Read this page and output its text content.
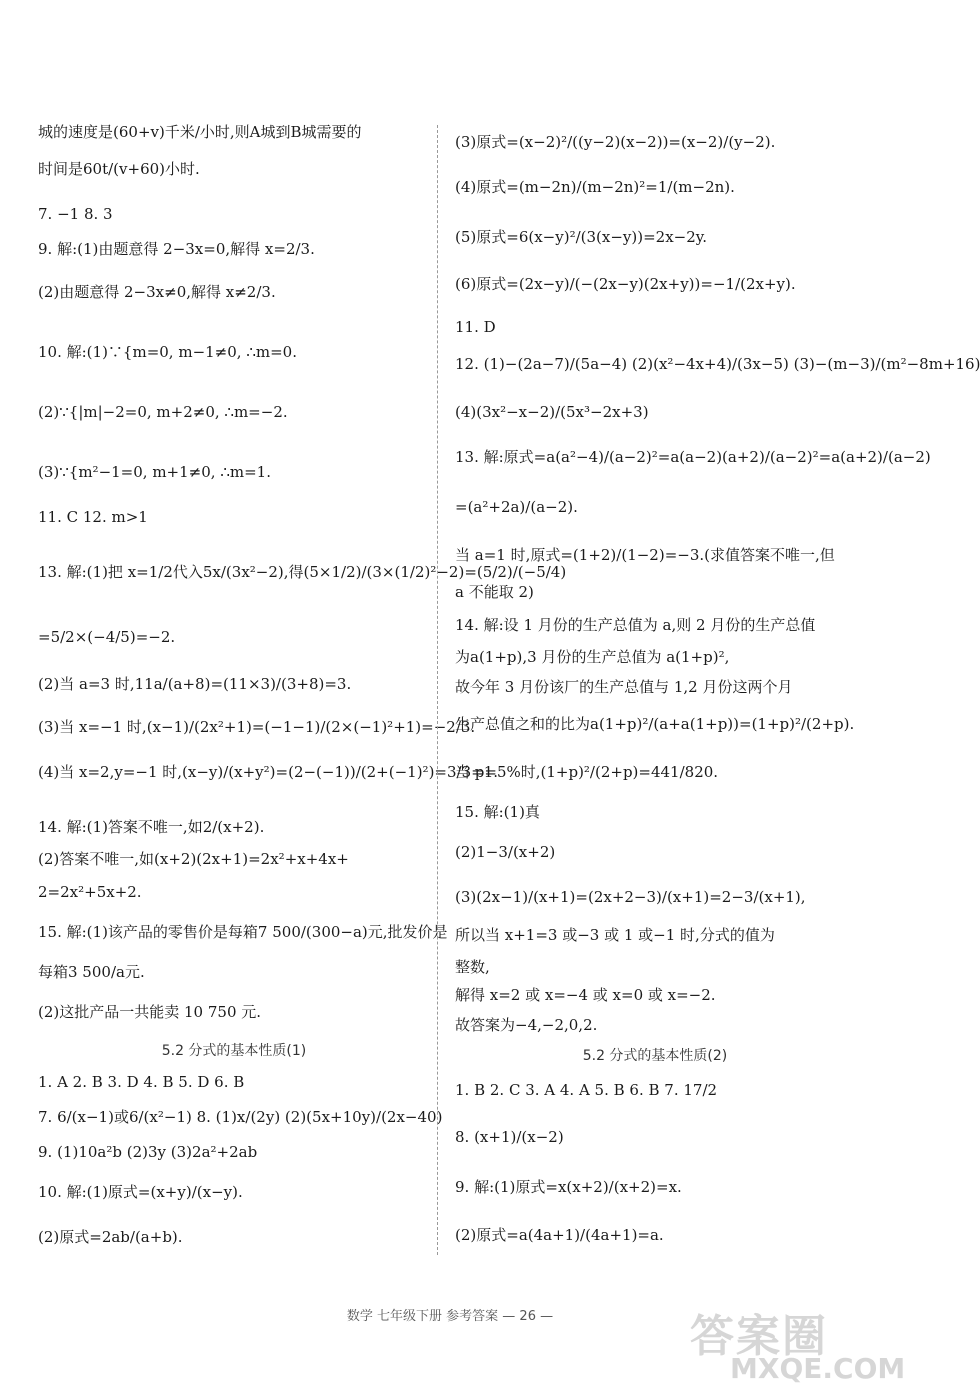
城的速度是(60+v)千米/小时,则A城到B城需要的
时间是60t/(v+60)小时.
7. −1 8. 3
9. 解:(1)由题意得 2−3x=0,解得 x=2/3.
(2)由题意得 2−3x≠0,解得 x≠2/3.
10. 解:(1)∵{m=0, m−1≠0, ∴m=0.
(2)∵{|m|−2=0, m+2≠0, ∴m=−2.
(3)∵{m²−1=0, m+1≠0, ∴m=1.
11. C 12. m>1
13. 解:(1)把 x=1/2代入5x/(3x²−2),得(5×1/2)/(3×(1/2)²−2)=(5/2)/(−5/4)
=5/2×(−4/5)=−2.
(2)当 a=3 时,11a/(a+8)=(11×3)/(3+8)=3.
(3)当 x=−1 时,(x−1)/(2x²+1)=(−1−1)/(2×(−1)²+1)=−2/3.
(4)当 x=2,y=−1 时,(x−y)/(x+y²)=(2−(−1))/(2+(−1)²)=3/3=1.
14. 解:(1)答案不唯一,如2/(x+2).
(2)答案不唯一,如(x+2)(2x+1)=2x²+x+4x+
2=2x²+5x+2.
15. 解:(1)该产品的零售价是每箱7 500/(300−a)元,批发价是
每箱3 500/a元.
(2)这批产品一共能卖 10 750 元.
1. A 2. B 3. D 4. B 5. D 6. B
7. 6/(x−1)或6/(x²−1) 8. (1)x/(2y) (2)(5x+10y)/(2x−40)
9. (1)10a²b (2)3y (3)2a²+2ab
10. 解:(1)原式=(x+y)/(x−y).
(2)原式=2ab/(a+b).
5.2 分式的基本性质(1)
(3)原式=(x−2)²/((y−2)(x−2))=(x−2)/(y−2).
(4)原式=(m−2n)/(m−2n)²=1/(m−2n).
(5)原式=6(x−y)²/(3(x−y))=2x−2y.
(6)原式=(2x−y)/(−(2x−y)(2x+y))=−1/(2x+y).
11. D
12. (1)−(2a−7)/(5a−4) (2)(x²−4x+4)/(3x−5) (3)−(m−3)/(m²−8m+16)
(4)(3x²−x−2)/(5x³−2x+3)
13. 解:原式=a(a²−4)/(a−2)²=a(a−2)(a+2)/(a−2)²=a(a+2)/(a−2)
=(a²+2a)/(a−2).
当 a=1 时,原式=(1+2)/(1−2)=−3.(求值答案不唯一,但
a 不能取 2)
14. 解:设 1 月份的生产总值为 a,则 2 月份的生产总值
为a(1+p),3 月份的生产总值为 a(1+p)²,
故今年 3 月份该厂的生产总值与 1,2 月份这两个月
生产总值之和的比为a(1+p)²/(a+a(1+p))=(1+p)²/(2+p).
当 p=5%时,(1+p)²/(2+p)=441/820.
15. 解:(1)真
(2)1−3/(x+2)
(3)(2x−1)/(x+1)=(2x+2−3)/(x+1)=2−3/(x+1),
所以当 x+1=3 或−3 或 1 或−1 时,分式的值为
整数,
解得 x=2 或 x=−4 或 x=0 或 x=−2.
故答案为−4,−2,0,2.
1. B 2. C 3. A 4. A 5. B 6. B 7. 17/2
8. (x+1)/(x−2)
9. 解:(1)原式=x(x+2)/(x+2)=x.
(2)原式=a(4a+1)/(4a+1)=a.
5.2 分式的基本性质(2)
数学 七年级下册 参考答案 — 26 —	答案圈
MXQE.COM
